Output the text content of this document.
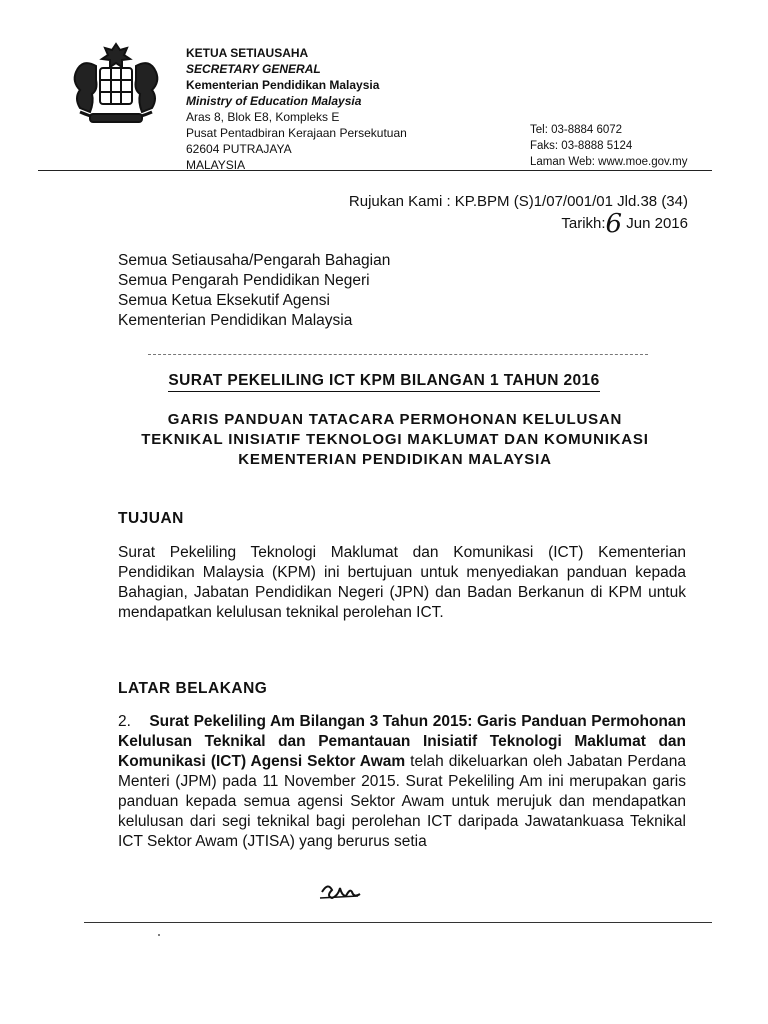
KETUA SETIAUSAHA
SECRETARY GENERAL
Kementerian Pendidikan Malaysia
Ministry of Education Malaysia
Aras 8, Blok E8, Kompleks E
Pusat Pentadbiran Kerajaan Persekutuan
62604 PUTRAJAYA
MALAYSIA
Tel: 03-8884 6072
Faks: 03-8888 5124
Laman Web: www.moe.gov.my
Rujukan Kami : KP.BPM (S)1/07/001/01 Jld.38 (34)
Tarikh:6 Jun 2016
Semua Setiausaha/Pengarah Bahagian
Semua Pengarah Pendidikan Negeri
Semua Ketua Eksekutif Agensi
Kementerian Pendidikan Malaysia
SURAT PEKELILING ICT KPM BILANGAN 1 TAHUN 2016
GARIS PANDUAN TATACARA PERMOHONAN KELULUSAN
TEKNIKAL INISIATIF TEKNOLOGI MAKLUMAT DAN KOMUNIKASI
KEMENTERIAN PENDIDIKAN MALAYSIA
TUJUAN
Surat Pekeliling Teknologi Maklumat dan Komunikasi (ICT) Kementerian Pendidikan Malaysia (KPM) ini bertujuan untuk menyediakan panduan kepada Bahagian, Jabatan Pendidikan Negeri (JPN) dan Badan Berkanun di KPM untuk mendapatkan kelulusan teknikal perolehan ICT.
LATAR BELAKANG
2. Surat Pekeliling Am Bilangan 3 Tahun 2015: Garis Panduan Permohonan Kelulusan Teknikal dan Pemantauan Inisiatif Teknologi Maklumat dan Komunikasi (ICT) Agensi Sektor Awam telah dikeluarkan oleh Jabatan Perdana Menteri (JPM) pada 11 November 2015. Surat Pekeliling Am ini merupakan garis panduan kepada semua agensi Sektor Awam untuk merujuk dan mendapatkan kelulusan dari segi teknikal bagi perolehan ICT daripada Jawatankuasa Teknikal ICT Sektor Awam (JTISA) yang berurus setia
